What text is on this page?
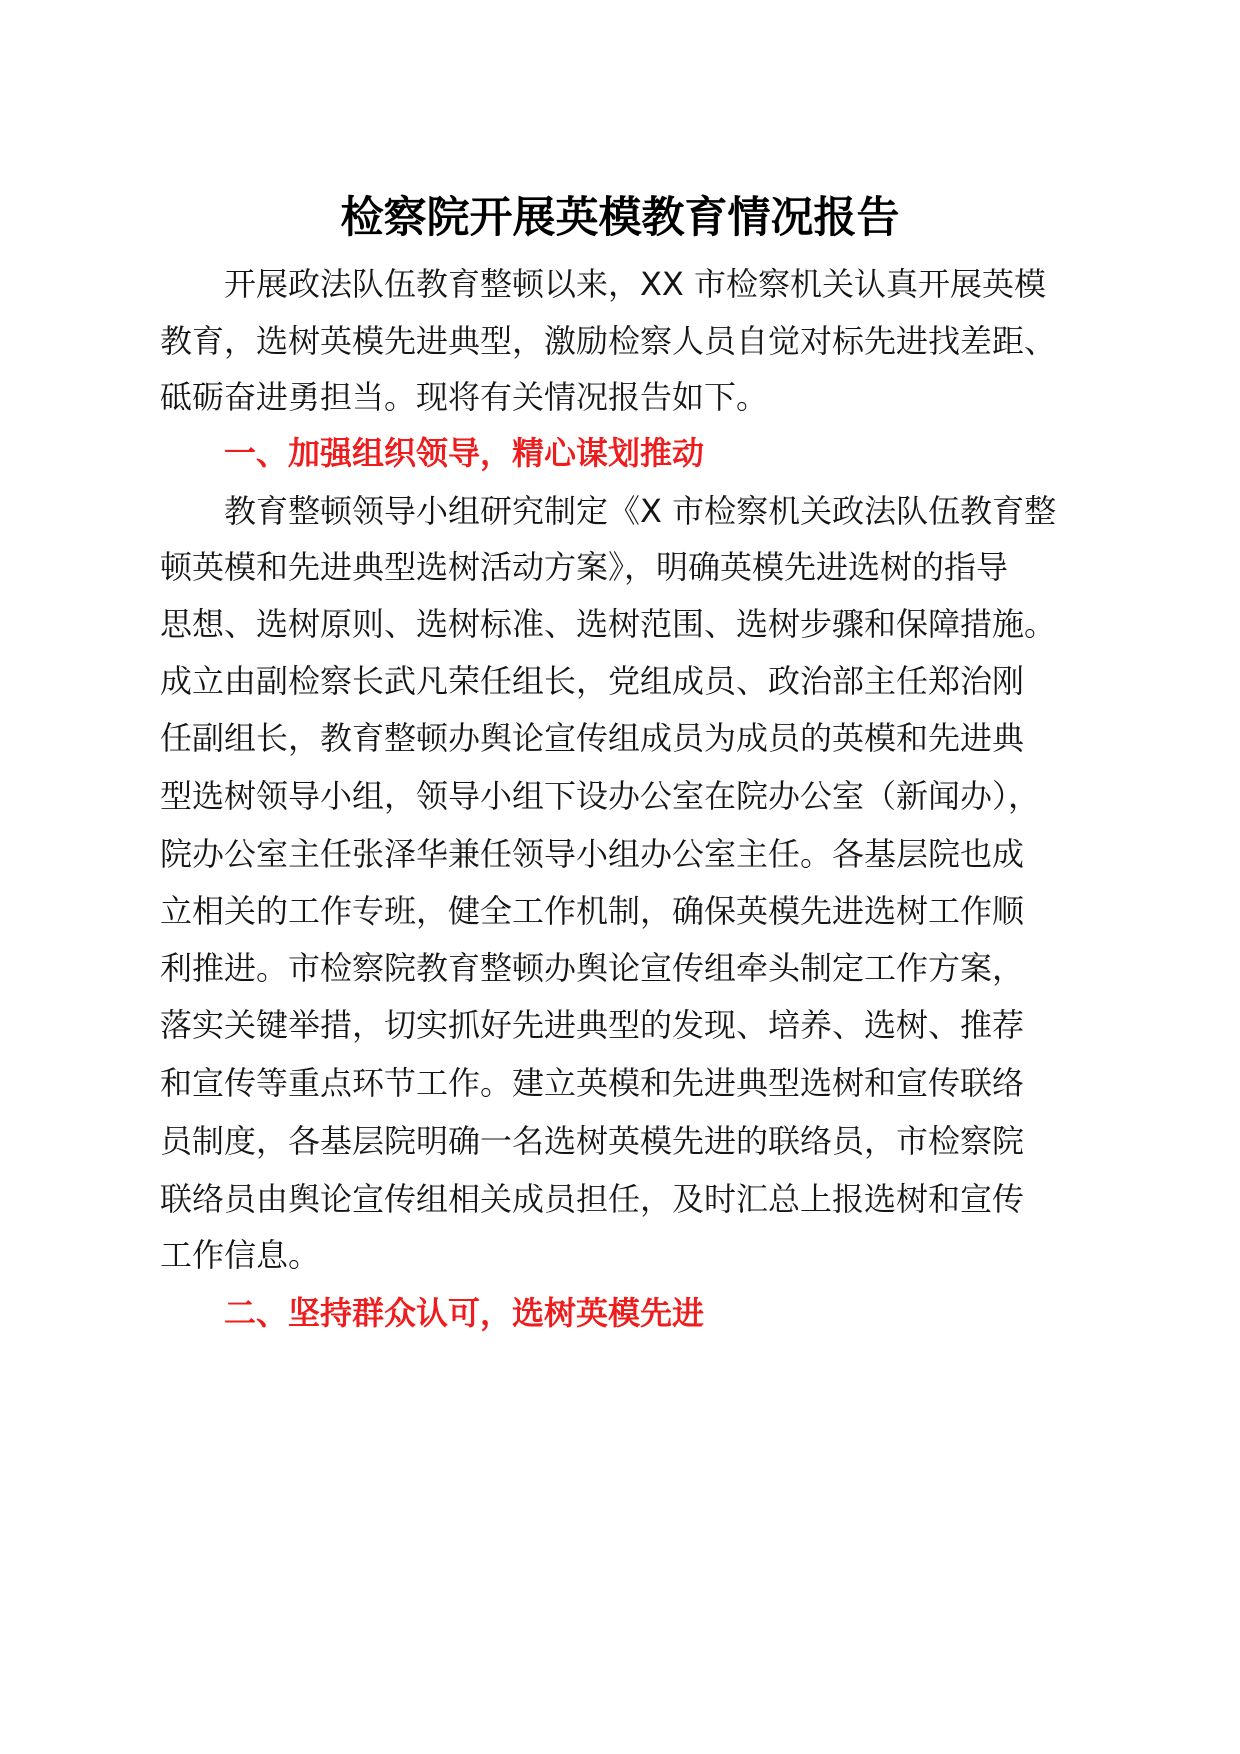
检察院开展英模教育情况报告
开展政法队伍教育整顿以来，XX 市检察机关认真开展英模
教育，选树英模先进典型，激励检察人员自觉对标先进找差距、
砥砺奋进勇担当。现将有关情况报告如下。
一、加强组织领导，精心谋划推动
教育整顿领导小组研究制定《X 市检察机关政法队伍教育整
顿英模和先进典型选树活动方案》，明确英模先进选树的指导
思想、选树原则、选树标准、选树范围、选树步骤和保障措施。
成立由副检察长武凡荣任组长，党组成员、政治部主任郑治刚
任副组长，教育整顿办舆论宣传组成员为成员的英模和先进典
型选树领导小组，领导小组下设办公室在院办公室（新闻办），
院办公室主任张泽华兼任领导小组办公室主任。各基层院也成
立相关的工作专班，健全工作机制，确保英模先进选树工作顺
利推进。市检察院教育整顿办舆论宣传组牵头制定工作方案，
落实关键举措，切实抓好先进典型的发现、培养、选树、推荐
和宣传等重点环节工作。建立英模和先进典型选树和宣传联络
员制度，各基层院明确一名选树英模先进的联络员，市检察院
联络员由舆论宣传组相关成员担任，及时汇总上报选树和宣传
工作信息。
二、坚持群众认可，选树英模先进
